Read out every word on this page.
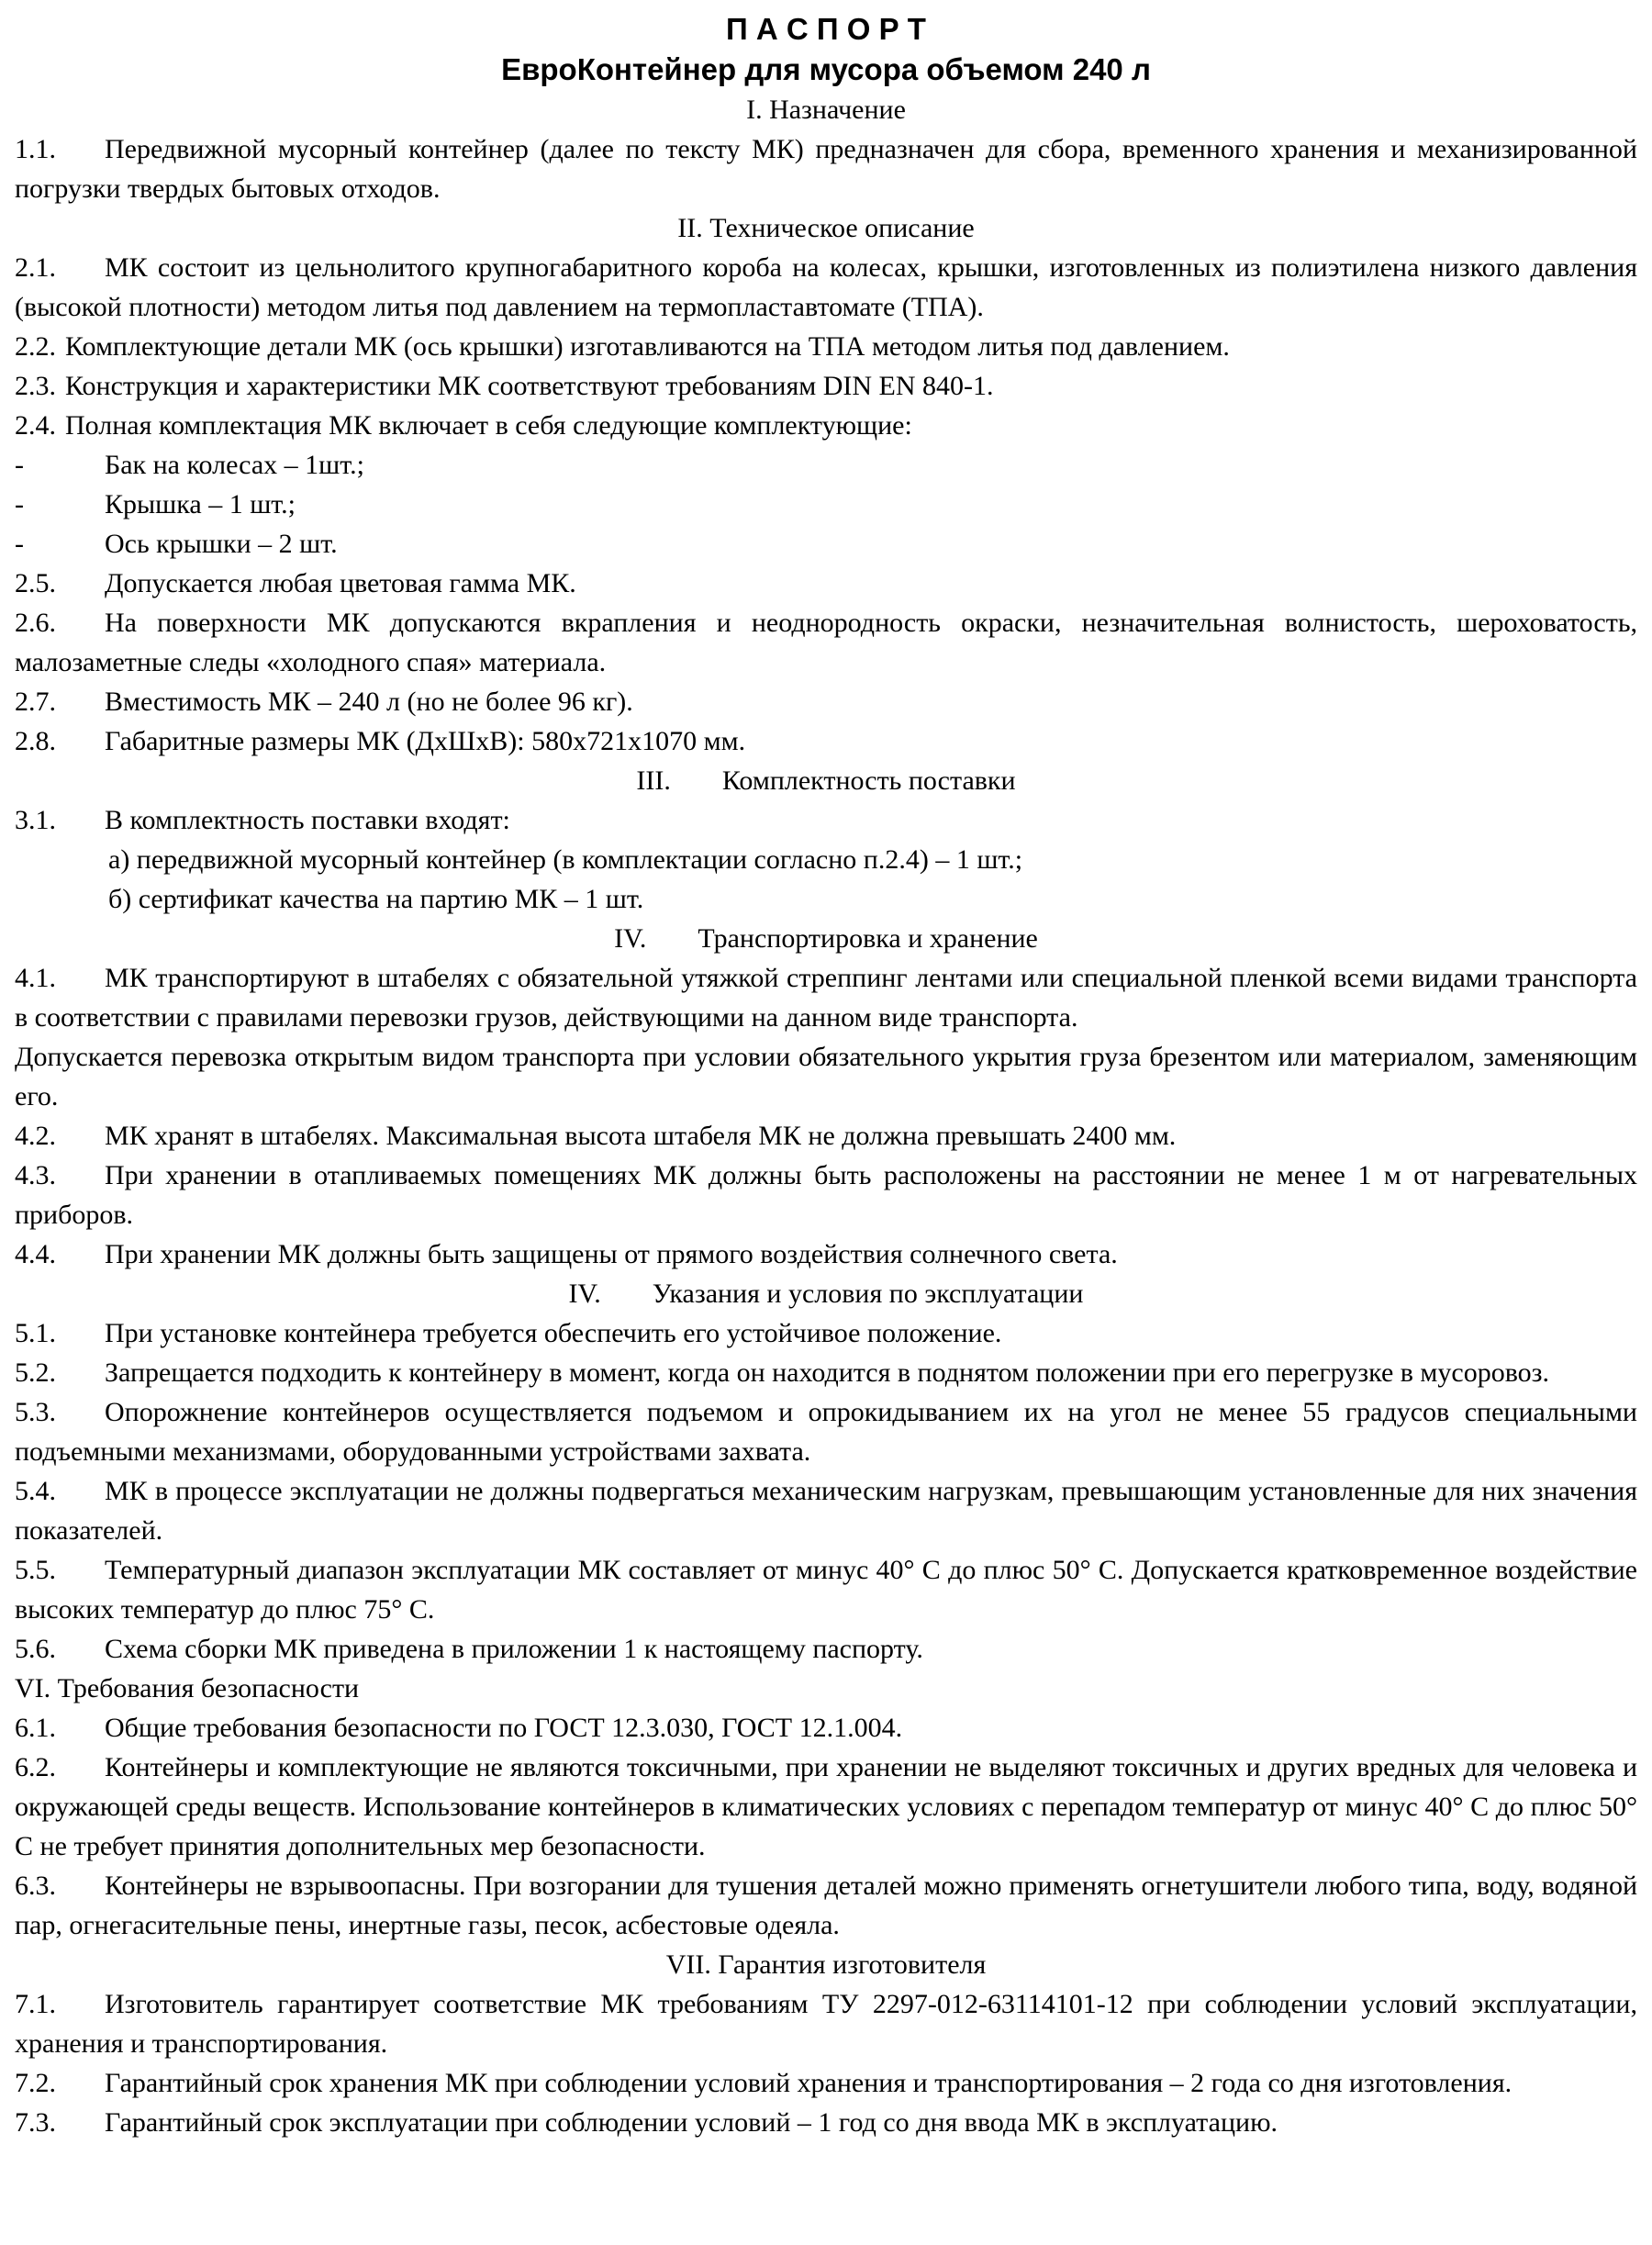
П А С П О Р Т
ЕвроКонтейнер для мусора объемом 240 л

I. Назначение

1.1. Передвижной мусорный контейнер (далее по тексту МК) предназначен для сбора, временного хранения и механизированной погрузки твердых бытовых отходов.

II. Техническое описание

2.1. МК состоит из цельнолитого крупногабаритного короба на колесах, крышки, изготовленных из полиэтилена низкого давления (высокой плотности) методом литья под давлением на термопластавтомате (ТПА).

2.2. Комплектующие детали МК (ось крышки) изготавливаются на ТПА методом литья под давлением.

2.3. Конструкция и характеристики МК соответствуют требованиям DIN EN 840-1.

2.4. Полная комплектация МК включает в себя следующие комплектующие:

-	Бак на колесах – 1шт.;

-	Крышка – 1 шт.;

-	Ось крышки – 2 шт.

2.5. Допускается любая цветовая гамма МК.

2.6. На поверхности МК допускаются вкрапления и неоднородность окраски, незначительная волнистость, шероховатость, малозаметные следы «холодного спая» материала.

2.7. Вместимость МК – 240 л (но не более 96 кг).

2.8. Габаритные размеры МК (ДхШхВ): 580х721х1070 мм.

III. Комплектность поставки

3.1. В комплектность поставки входят:

а) передвижной мусорный контейнер (в комплектации согласно п.2.4) – 1 шт.;

б) сертификат качества на партию МК – 1 шт.

IV. Транспортировка и хранение

4.1. МК транспортируют в штабелях с обязательной утяжкой стреппинг лентами или специальной пленкой всеми видами транспорта в соответствии с правилами перевозки грузов, действующими на данном виде транспорта.

Допускается перевозка открытым видом транспорта при условии обязательного укрытия груза брезентом или материалом, заменяющим его.

4.2. МК хранят в штабелях. Максимальная высота штабеля МК не должна превышать 2400 мм.

4.3. При хранении в отапливаемых помещениях МК должны быть расположены на расстоянии не менее 1 м от нагревательных приборов.

4.4. При хранении МК должны быть защищены от прямого воздействия солнечного света.

IV. Указания и условия по эксплуатации

5.1. При установке контейнера требуется обеспечить его устойчивое положение.

5.2. Запрещается подходить к контейнеру в момент, когда он находится в поднятом положении при его перегрузке в мусоровоз.

5.3. Опорожнение контейнеров осуществляется подъемом и опрокидыванием их на угол не менее 55 градусов специальными подъемными механизмами, оборудованными устройствами захвата.

5.4. МК в процессе эксплуатации не должны подвергаться механическим нагрузкам, превышающим установленные для них значения показателей.

5.5. Температурный диапазон эксплуатации МК составляет от минус 40° С до плюс 50° С. Допускается кратковременное воздействие высоких температур до плюс 75° С.

5.6. Схема сборки МК приведена в приложении 1 к настоящему паспорту.

VI. Требования безопасности

6.1. Общие требования безопасности по ГОСТ 12.3.030, ГОСТ 12.1.004.

6.2. Контейнеры и комплектующие не являются токсичными, при хранении не выделяют токсичных и других вредных для человека и окружающей среды веществ. Использование контейнеров в климатических условиях с перепадом температур от минус 40° С до плюс 50° С не требует принятия дополнительных мер безопасности.

6.3. Контейнеры не взрывоопасны. При возгорании для тушения деталей можно применять огнетушители любого типа, воду, водяной пар, огнегасительные пены, инертные газы, песок, асбестовые одеяла.

VII. Гарантия изготовителя

7.1. Изготовитель гарантирует соответствие МК требованиям ТУ 2297-012-63114101-12 при соблюдении условий эксплуатации, хранения и транспортирования.

7.2. Гарантийный срок хранения МК при соблюдении условий хранения и транспортирования – 2 года со дня изготовления.

7.3. Гарантийный срок эксплуатации при соблюдении условий – 1 год со дня ввода МК в эксплуатацию.
